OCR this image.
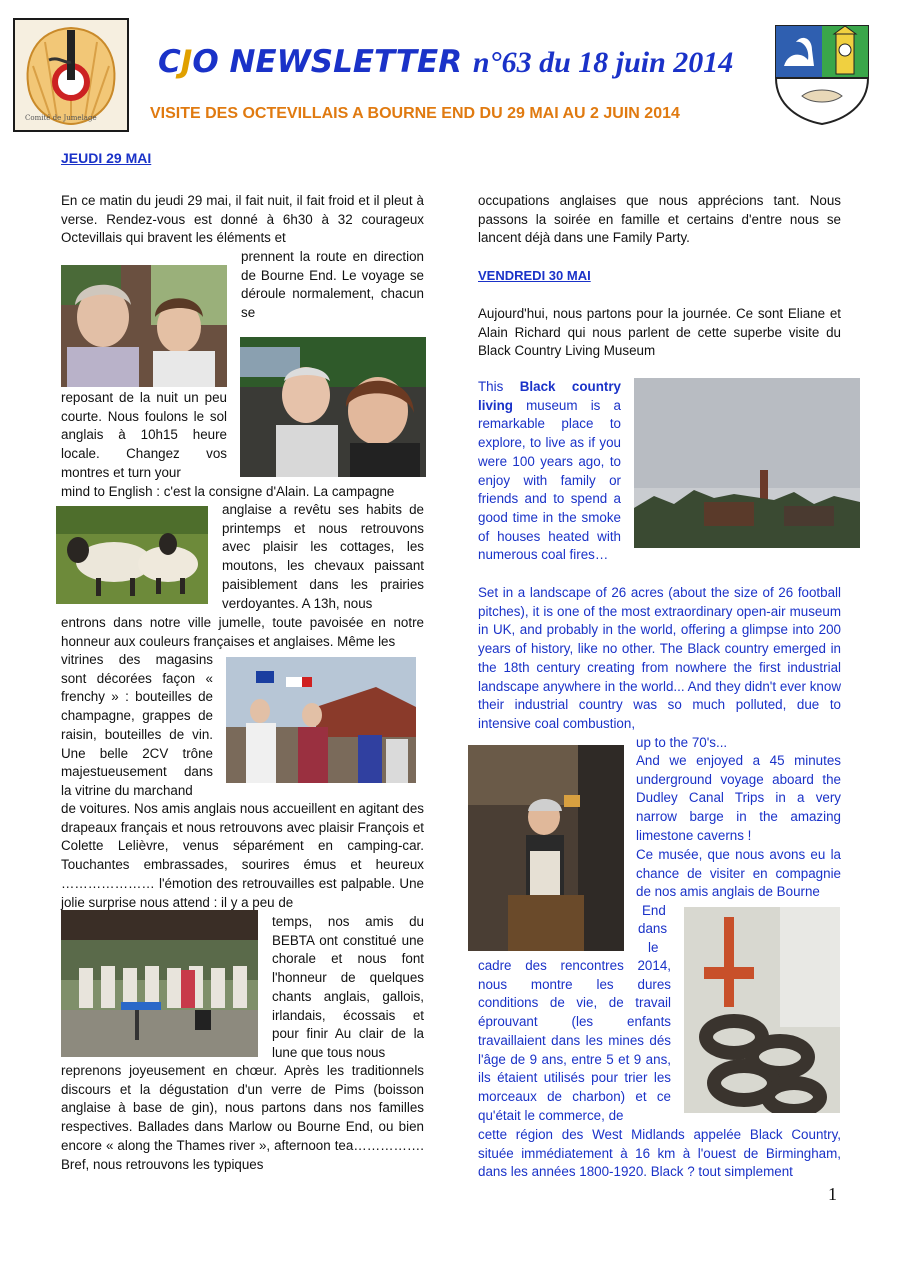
Comité de Jumelage
CJO NEWSLETTER n°63 du 18 juin 2014
VISITE DES OCTEVILLAIS A BOURNE END DU 29 MAI AU 2 JUIN 2014
JEUDI 29 MAI

En ce matin du jeudi 29 mai, il fait nuit, il fait froid et il pleut à verse. Rendez-vous est donné à 6h30 à 32 courageux Octevillais qui bravent les éléments et

prennent la route en direction de Bourne End. Le voyage se déroule normalement, chacun se

reposant de la nuit un peu courte. Nous foulons le sol anglais à 10h15 heure locale. Changez vos montres et turn your

mind to English : c'est la consigne d'Alain. La campagne

anglaise a revêtu ses habits de printemps et nous retrouvons avec plaisir les cottages, les moutons, les chevaux paissant paisiblement dans les prairies verdoyantes. A 13h, nous

entrons dans notre ville jumelle, toute pavoisée en notre honneur aux couleurs françaises et anglaises. Même les

vitrines des magasins sont décorées façon « frenchy » : bouteilles de champagne, grappes de raisin, bouteilles de vin. Une belle 2CV trône majestueusement dans la vitrine du marchand

de voitures. Nos amis anglais nous accueillent en agitant des drapeaux français et nous retrouvons avec plaisir François et Colette Lelièvre, venus séparément en camping-car. Touchantes embrassades, sourires émus et heureux ………………… l'émotion des retrouvailles est palpable. Une jolie surprise nous attend : il y a peu de

temps, nos amis du BEBTA ont constitué une chorale et nous font l'honneur de quelques chants anglais, gallois, irlandais, écossais et pour finir Au clair de la lune que tous nous

reprenons joyeusement en chœur. Après les traditionnels discours et la dégustation d'un verre de Pims (boisson anglaise à base de gin), nous partons dans nos familles respectives. Ballades dans Marlow ou Bourne End, ou bien encore « along the Thames river », afternoon tea……………. Bref, nous retrouvons les typiques

occupations anglaises que nous apprécions tant. Nous passons la soirée en famille et certains d'entre nous se lancent déjà dans une Family Party.

VENDREDI 30 MAI

Aujourd'hui, nous partons pour la journée. Ce sont Eliane et Alain Richard qui nous parlent de cette superbe visite du Black Country Living Museum

This Black country living museum is a remarkable place to explore, to live as if you were 100 years ago, to enjoy with family or friends and to spend a good time in the smoke of houses heated with numerous coal fires…

Set in a landscape of 26 acres (about the size of 26 football pitches), it is one of the most extraordinary open-air museum in UK, and probably in the world, offering a glimpse into 200 years of history, like no other. The Black country emerged in the 18th century creating from nowhere the first industrial landscape anywhere in the world... And they didn't ever know their industrial country was so much polluted, due to intensive coal combustion,

up to the 70's...

And we enjoyed a 45 minutes underground voyage aboard the Dudley Canal Trips in a very narrow barge in the amazing limestone caverns !

Ce musée, que nous avons eu la chance de visiter en compagnie de nos amis anglais de Bourne

End
dans
le

cadre des rencontres 2014, nous montre les dures conditions de vie, de travail éprouvant (les enfants travaillaient dans les mines dés l'âge de 9 ans, entre 5 et 9 ans, ils étaient utilisés pour trier les morceaux de charbon) et ce qu'était le commerce, de

cette région des West Midlands appelée Black Country, située immédiatement à 16 km à l'ouest de Birmingham, dans les années 1800-1920. Black ? tout simplement

1
